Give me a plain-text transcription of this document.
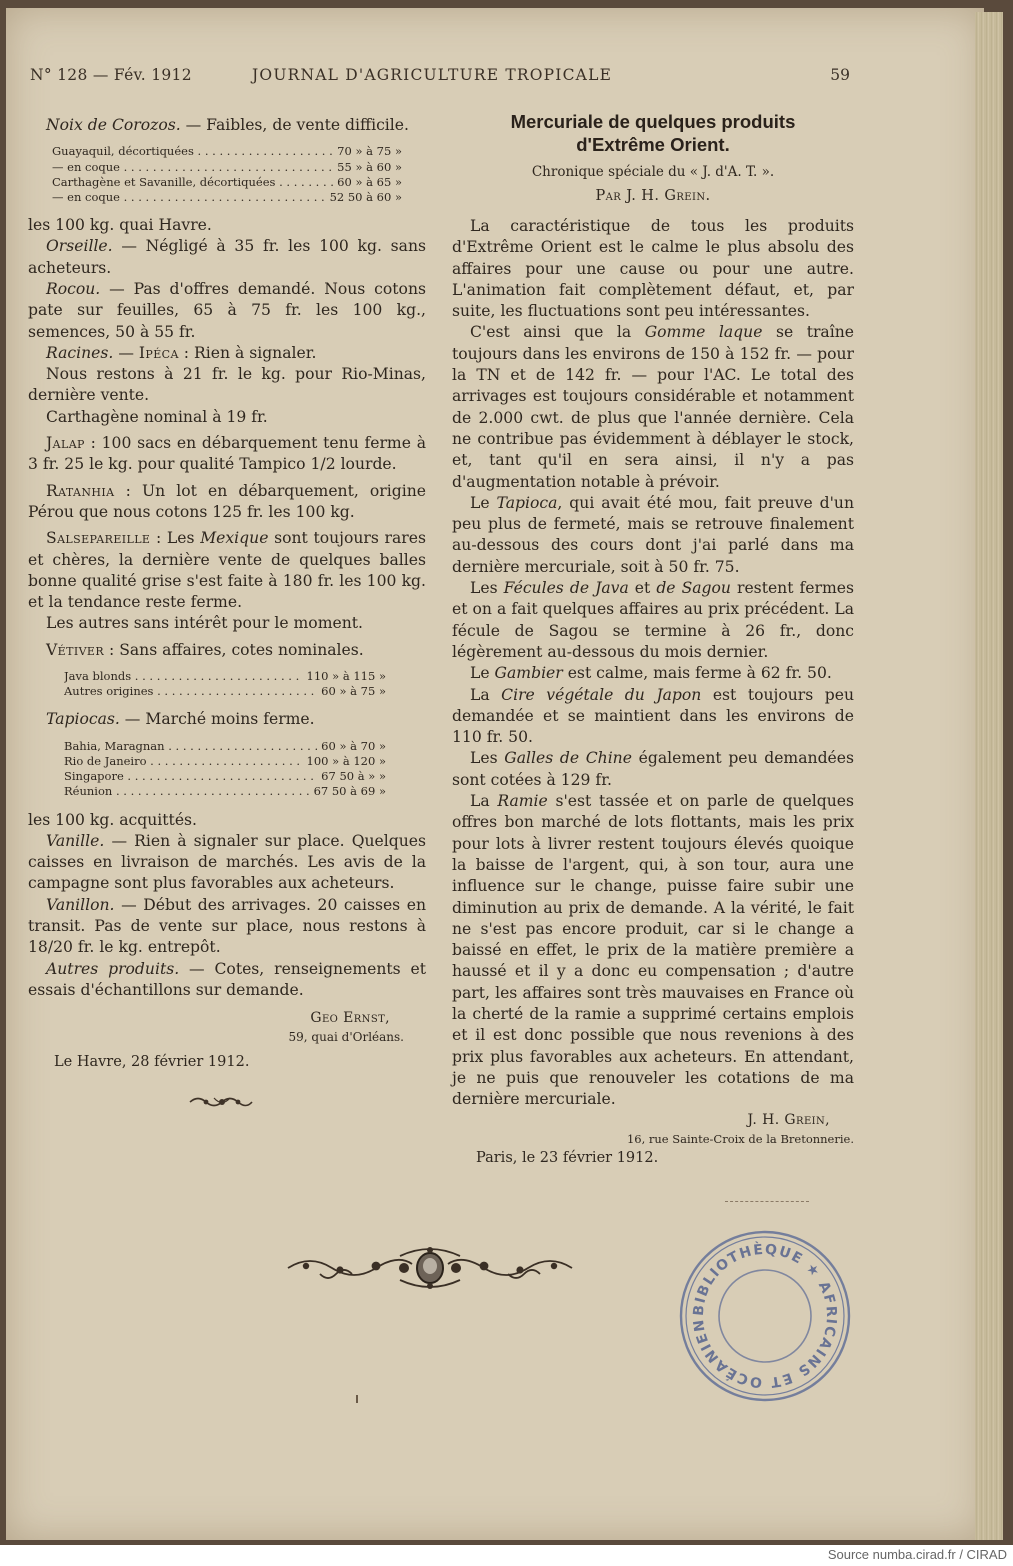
N° 128 — Fév. 1912	JOURNAL D'AGRICULTURE TROPICALE	59

Noix de Corozos. — Faibles, de vente difficile.

Guayaquil, décortiquées . . .	70 » à 75 »
— en coque . . .	55 » à 60 »
Carthagène et Savanille, décortiquées . . .	60 » à 65 »
— en coque . . .	52 50 à 60 »

les 100 kg. quai Havre.

Orseille. — Négligé à 35 fr. les 100 kg. sans acheteurs.

Rocou. — Pas d'offres demandé. Nous cotons pate sur feuilles, 65 à 75 fr. les 100 kg., semences, 50 à 55 fr.

Racines. — Ipéca : Rien à signaler.

Nous restons à 21 fr. le kg. pour Rio-Minas, dernière vente.

Carthagène nominal à 19 fr.

Jalap : 100 sacs en débarquement tenu ferme à 3 fr. 25 le kg. pour qualité Tampico 1/2 lourde.

Ratanhia : Un lot en débarquement, origine Pérou que nous cotons 125 fr. les 100 kg.

Salsepareille : Les Mexique sont toujours rares et chères, la dernière vente de quelques balles bonne qualité grise s'est faite à 180 fr. les 100 kg. et la tendance reste ferme.

Les autres sans intérêt pour le moment.

Vétiver : Sans affaires, cotes nominales.

Java blonds . . .	110 » à 115 »
Autres origines . . .	60 » à 75 »

Tapiocas. — Marché moins ferme.

Bahia, Maragnan . . .	60 » à 70 »
Rio de Janeiro . . .	100 » à 120 »
Singapore . . .	67 50 à » »
Réunion . . .	67 50 à 69 »

les 100 kg. acquittés.

Vanille. — Rien à signaler sur place. Quelques caisses en livraison de marchés. Les avis de la campagne sont plus favorables aux acheteurs.

Vanillon. — Début des arrivages. 20 caisses en transit. Pas de vente sur place, nous restons à 18/20 fr. le kg. entrepôt.

Autres produits. — Cotes, renseignements et essais d'échantillons sur demande.

Geo Ernst,
59, quai d'Orléans.
Le Havre, 28 février 1912.
Mercuriale de quelques produits
d'Extrême Orient.

Chronique spéciale du « J. d'A. T. ».

Par J. H. Grein.

La caractéristique de tous les produits d'Extrême Orient est le calme le plus absolu des affaires pour une cause ou pour une autre. L'animation fait complètement défaut, et, par suite, les fluctuations sont peu intéressantes.

C'est ainsi que la Gomme laque se traîne toujours dans les environs de 150 à 152 fr. — pour la TN et de 142 fr. — pour l'AC. Le total des arrivages est toujours considérable et notamment de 2.000 cwt. de plus que l'année dernière. Cela ne contribue pas évidemment à déblayer le stock, et, tant qu'il en sera ainsi, il n'y a pas d'augmentation notable à prévoir.

Le Tapioca, qui avait été mou, fait preuve d'un peu plus de fermeté, mais se retrouve finalement au-dessous des cours dont j'ai parlé dans ma dernière mercuriale, soit à 50 fr. 75.

Les Fécules de Java et de Sagou restent fermes et on a fait quelques affaires au prix précédent. La fécule de Sagou se termine à 26 fr., donc légèrement au-dessous du mois dernier.

Le Gambier est calme, mais ferme à 62 fr. 50.

La Cire végétale du Japon est toujours peu demandée et se maintient dans les environs de 110 fr. 50.

Les Galles de Chine également peu demandées sont cotées à 129 fr.

La Ramie s'est tassée et on parle de quelques offres bon marché de lots flottants, mais les prix pour lots à livrer restent toujours élevés quoique la baisse de l'argent, qui, à son tour, aura une influence sur le change, puisse faire subir une diminution au prix de demande. A la vérité, le fait ne s'est pas encore produit, car si le change a baissé en effet, le prix de la matière première a haussé et il y a donc eu compensation ; d'autre part, les affaires sont très mauvaises en France où la cherté de la ramie a supprimé certains emplois et il est donc possible que nous revenions à des prix plus favorables aux acheteurs. En attendant, je ne puis que renouveler les cotations de ma dernière mercuriale.

J. H. Grein,
16, rue Sainte-Croix de la Bretonnerie.
Paris, le 23 février 1912.
BIBLIOTHÈQUE ★ AFRICAINS ET OCÉANIEN
Source numba.cirad.fr / CIRAD
